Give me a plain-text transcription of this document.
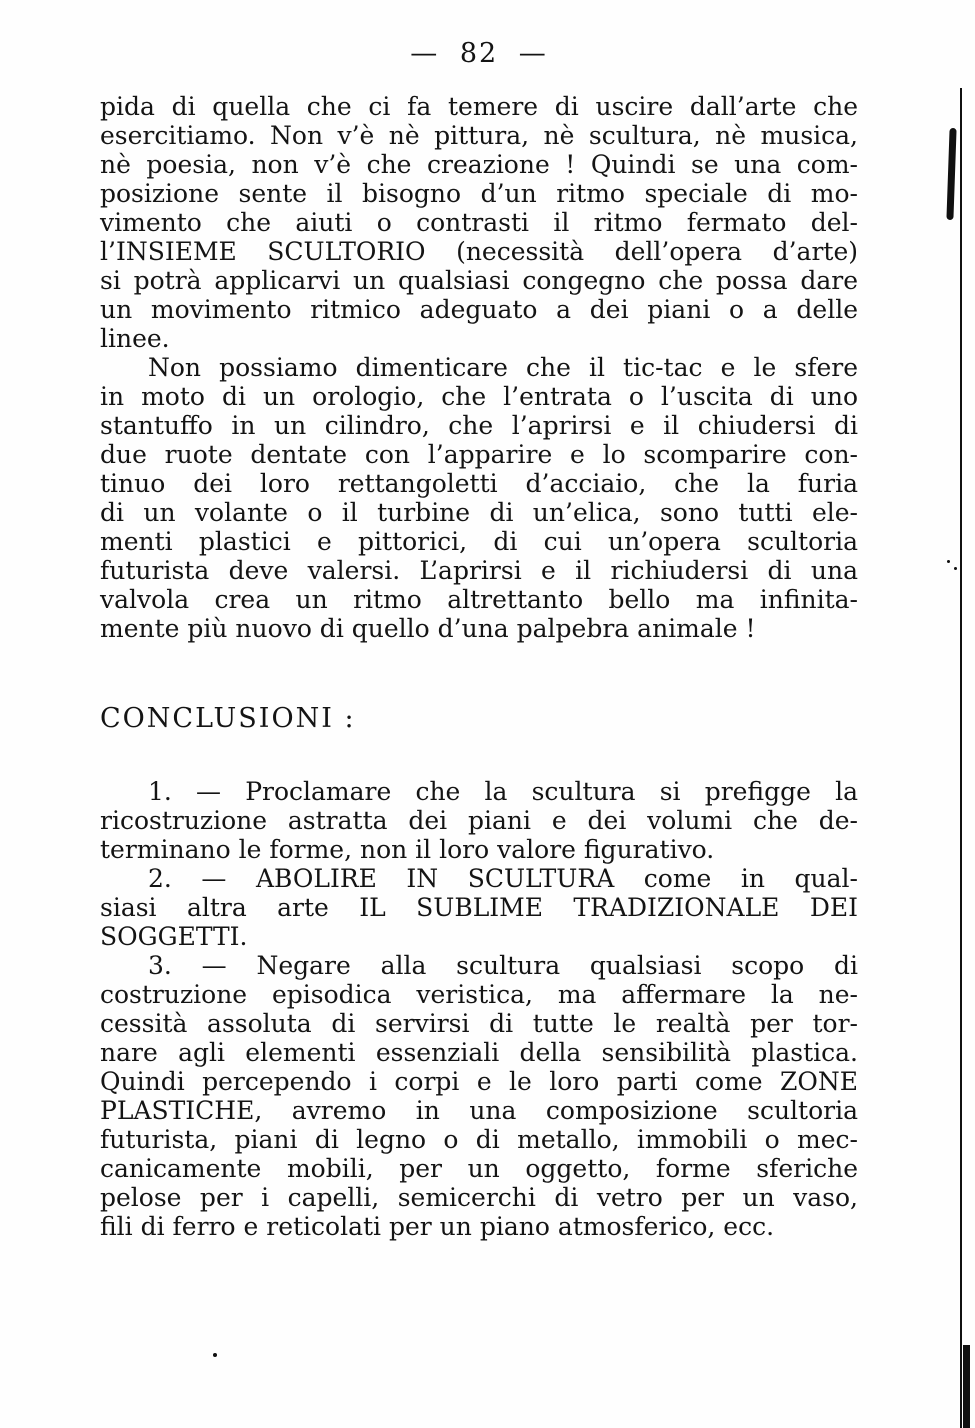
— 82 —
pida di quella che ci fa temere di uscire dall’arte che
esercitiamo. Non v’è nè pittura, nè scultura, nè musica,
nè poesia, non v’è che creazione ! Quindi se una com-
posizione sente il bisogno d’un ritmo speciale di mo-
vimento che aiuti o contrasti il ritmo fermato del-
l’INSIEME SCULTORIO (necessità dell’opera d’arte)
si potrà applicarvi un qualsiasi congegno che possa dare
un movimento ritmico adeguato a dei piani o a delle
linee.
Non possiamo dimenticare che il tic-tac e le sfere
in moto di un orologio, che l’entrata o l’uscita di uno
stantuffo in un cilindro, che l’aprirsi e il chiudersi di
due ruote dentate con l’apparire e lo scomparire con-
tinuo dei loro rettangoletti d’acciaio, che la furia
di un volante o il turbine di un’elica, sono tutti ele-
menti plastici e pittorici, di cui un’opera scultoria
futurista deve valersi. L’aprirsi e il richiudersi di una
valvola crea un ritmo altrettanto bello ma infinita-
mente più nuovo di quello d’una palpebra animale !
CONCLUSIONI :
1. — Proclamare che la scultura si prefigge la
ricostruzione astratta dei piani e dei volumi che de-
terminano le forme, non il loro valore figurativo.
2. — ABOLIRE IN SCULTURA come in qual-
siasi altra arte IL SUBLIME TRADIZIONALE DEI
SOGGETTI.
3. — Negare alla scultura qualsiasi scopo di
costruzione episodica veristica, ma affermare la ne-
cessità assoluta di servirsi di tutte le realtà per tor-
nare agli elementi essenziali della sensibilità plastica.
Quindi percependo i corpi e le loro parti come ZONE
PLASTICHE, avremo in una composizione scultoria
futurista, piani di legno o di metallo, immobili o mec-
canicamente mobili, per un oggetto, forme sferiche
pelose per i capelli, semicerchi di vetro per un vaso,
fili di ferro e reticolati per un piano atmosferico, ecc.
